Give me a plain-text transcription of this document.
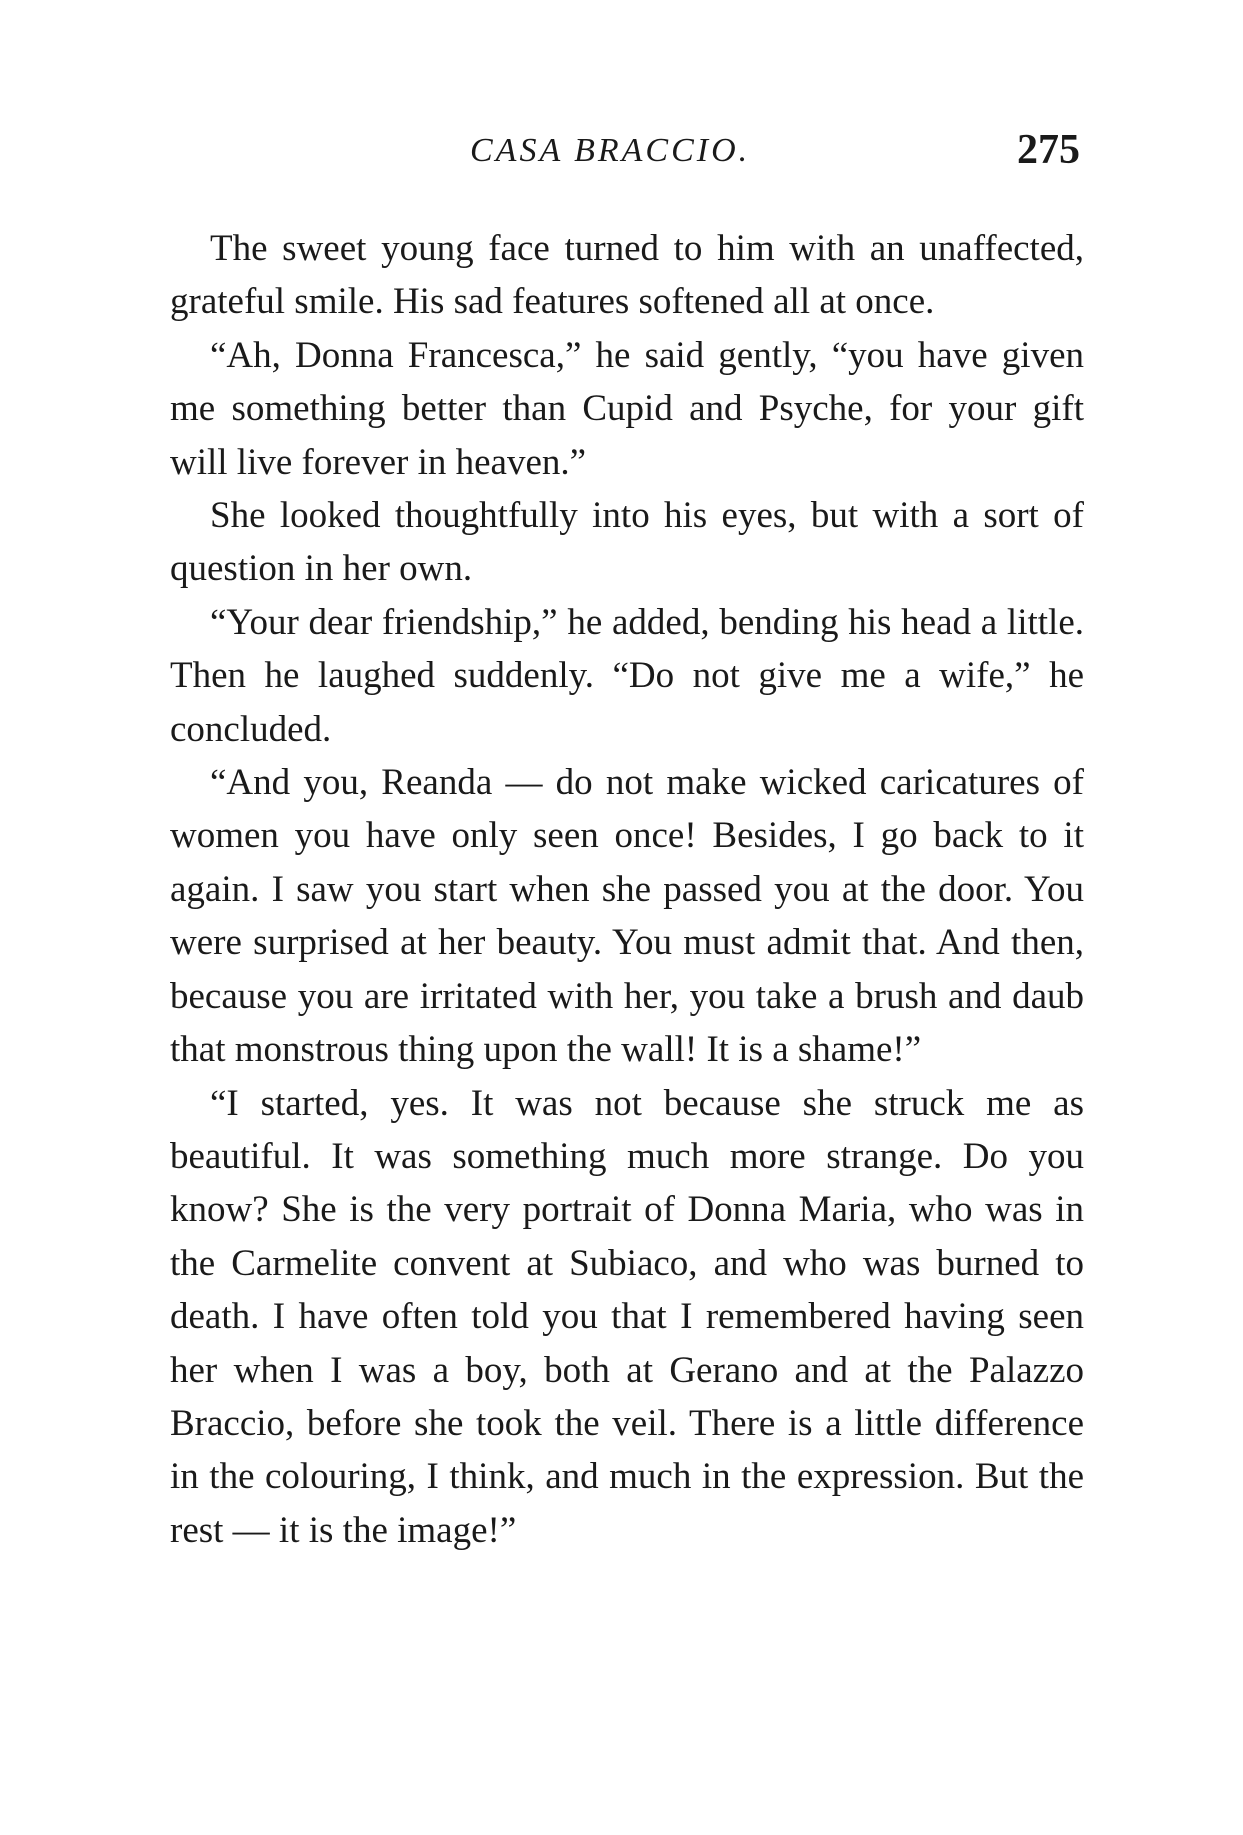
CASA BRACCIO.	275

The sweet young face turned to him with an unaffected, grateful smile. His sad features softened all at once.

“Ah, Donna Francesca,” he said gently, “you have given me something better than Cupid and Psyche, for your gift will live forever in heaven.”

She looked thoughtfully into his eyes, but with a sort of question in her own.

“Your dear friendship,” he added, bending his head a little. Then he laughed suddenly. “Do not give me a wife,” he concluded.

“And you, Reanda — do not make wicked caricatures of women you have only seen once! Besides, I go back to it again. I saw you start when she passed you at the door. You were surprised at her beauty. You must admit that. And then, because you are irritated with her, you take a brush and daub that monstrous thing upon the wall! It is a shame!”

“I started, yes. It was not because she struck me as beautiful. It was something much more strange. Do you know? She is the very portrait of Donna Maria, who was in the Carmelite convent at Subiaco, and who was burned to death. I have often told you that I remembered having seen her when I was a boy, both at Gerano and at the Palazzo Braccio, before she took the veil. There is a little difference in the colouring, I think, and much in the expression. But the rest — it is the image!”
